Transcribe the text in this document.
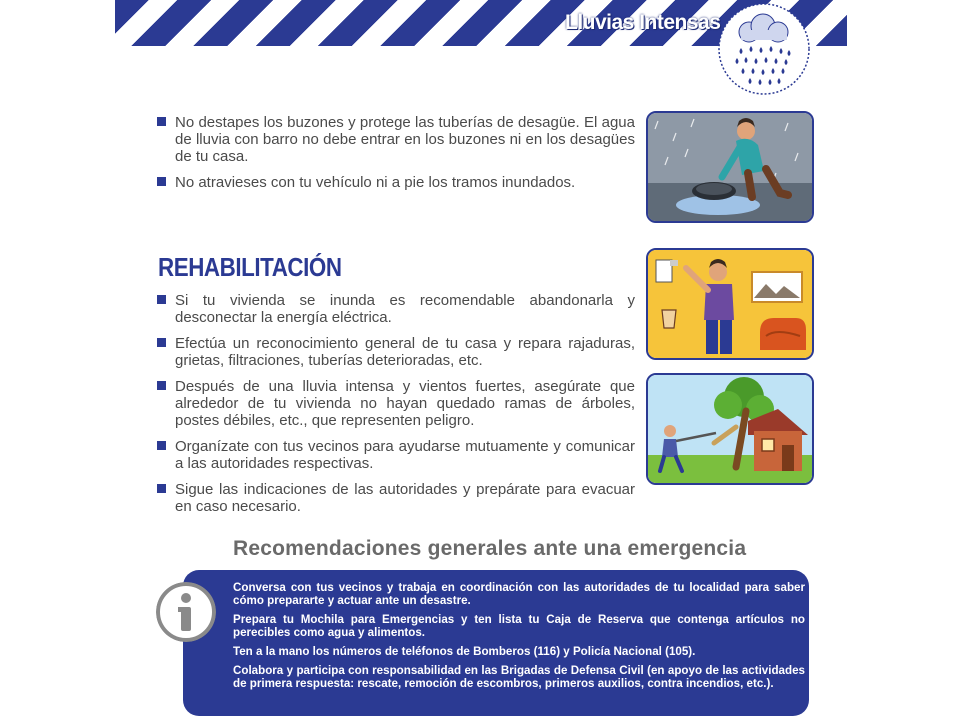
Lluvias Intensas
No destapes los buzones y protege las tuberías de desagüe. El agua de lluvia con barro no debe entrar en los buzones ni en los desagües de tu casa.
No atravieses con tu vehículo ni a pie los tramos inundados.
REHABILITACIÓN
Si tu vivienda se inunda es recomendable abandonarla y desconectar la energía eléctrica.
Efectúa un reconocimiento general de tu casa y repara rajaduras, grietas, filtraciones, tuberías deterioradas, etc.
Después de una lluvia intensa y vientos fuertes, asegúrate que alrededor de tu vivienda no hayan quedado ramas de árboles, postes débiles, etc., que representen peligro.
Organízate con tus vecinos para ayudarse mutuamente y comunicar a las autoridades respectivas.
Sigue las indicaciones de las autoridades y prepárate para evacuar en caso necesario.
Recomendaciones generales ante una emergencia

Conversa con tus vecinos y trabaja en coordinación con las autoridades de tu localidad para saber cómo prepararte y actuar ante un desastre.

Prepara tu Mochila para Emergencias y ten lista tu Caja de Reserva que contenga artículos no perecibles como agua y alimentos.

Ten a la mano los números de teléfonos de Bomberos (116) y Policía Nacional (105).

Colabora y participa con responsabilidad en las Brigadas de Defensa Civil (en apoyo de las actividades de primera respuesta: rescate, remoción de escombros, primeros auxilios, contra incendios, etc.).
